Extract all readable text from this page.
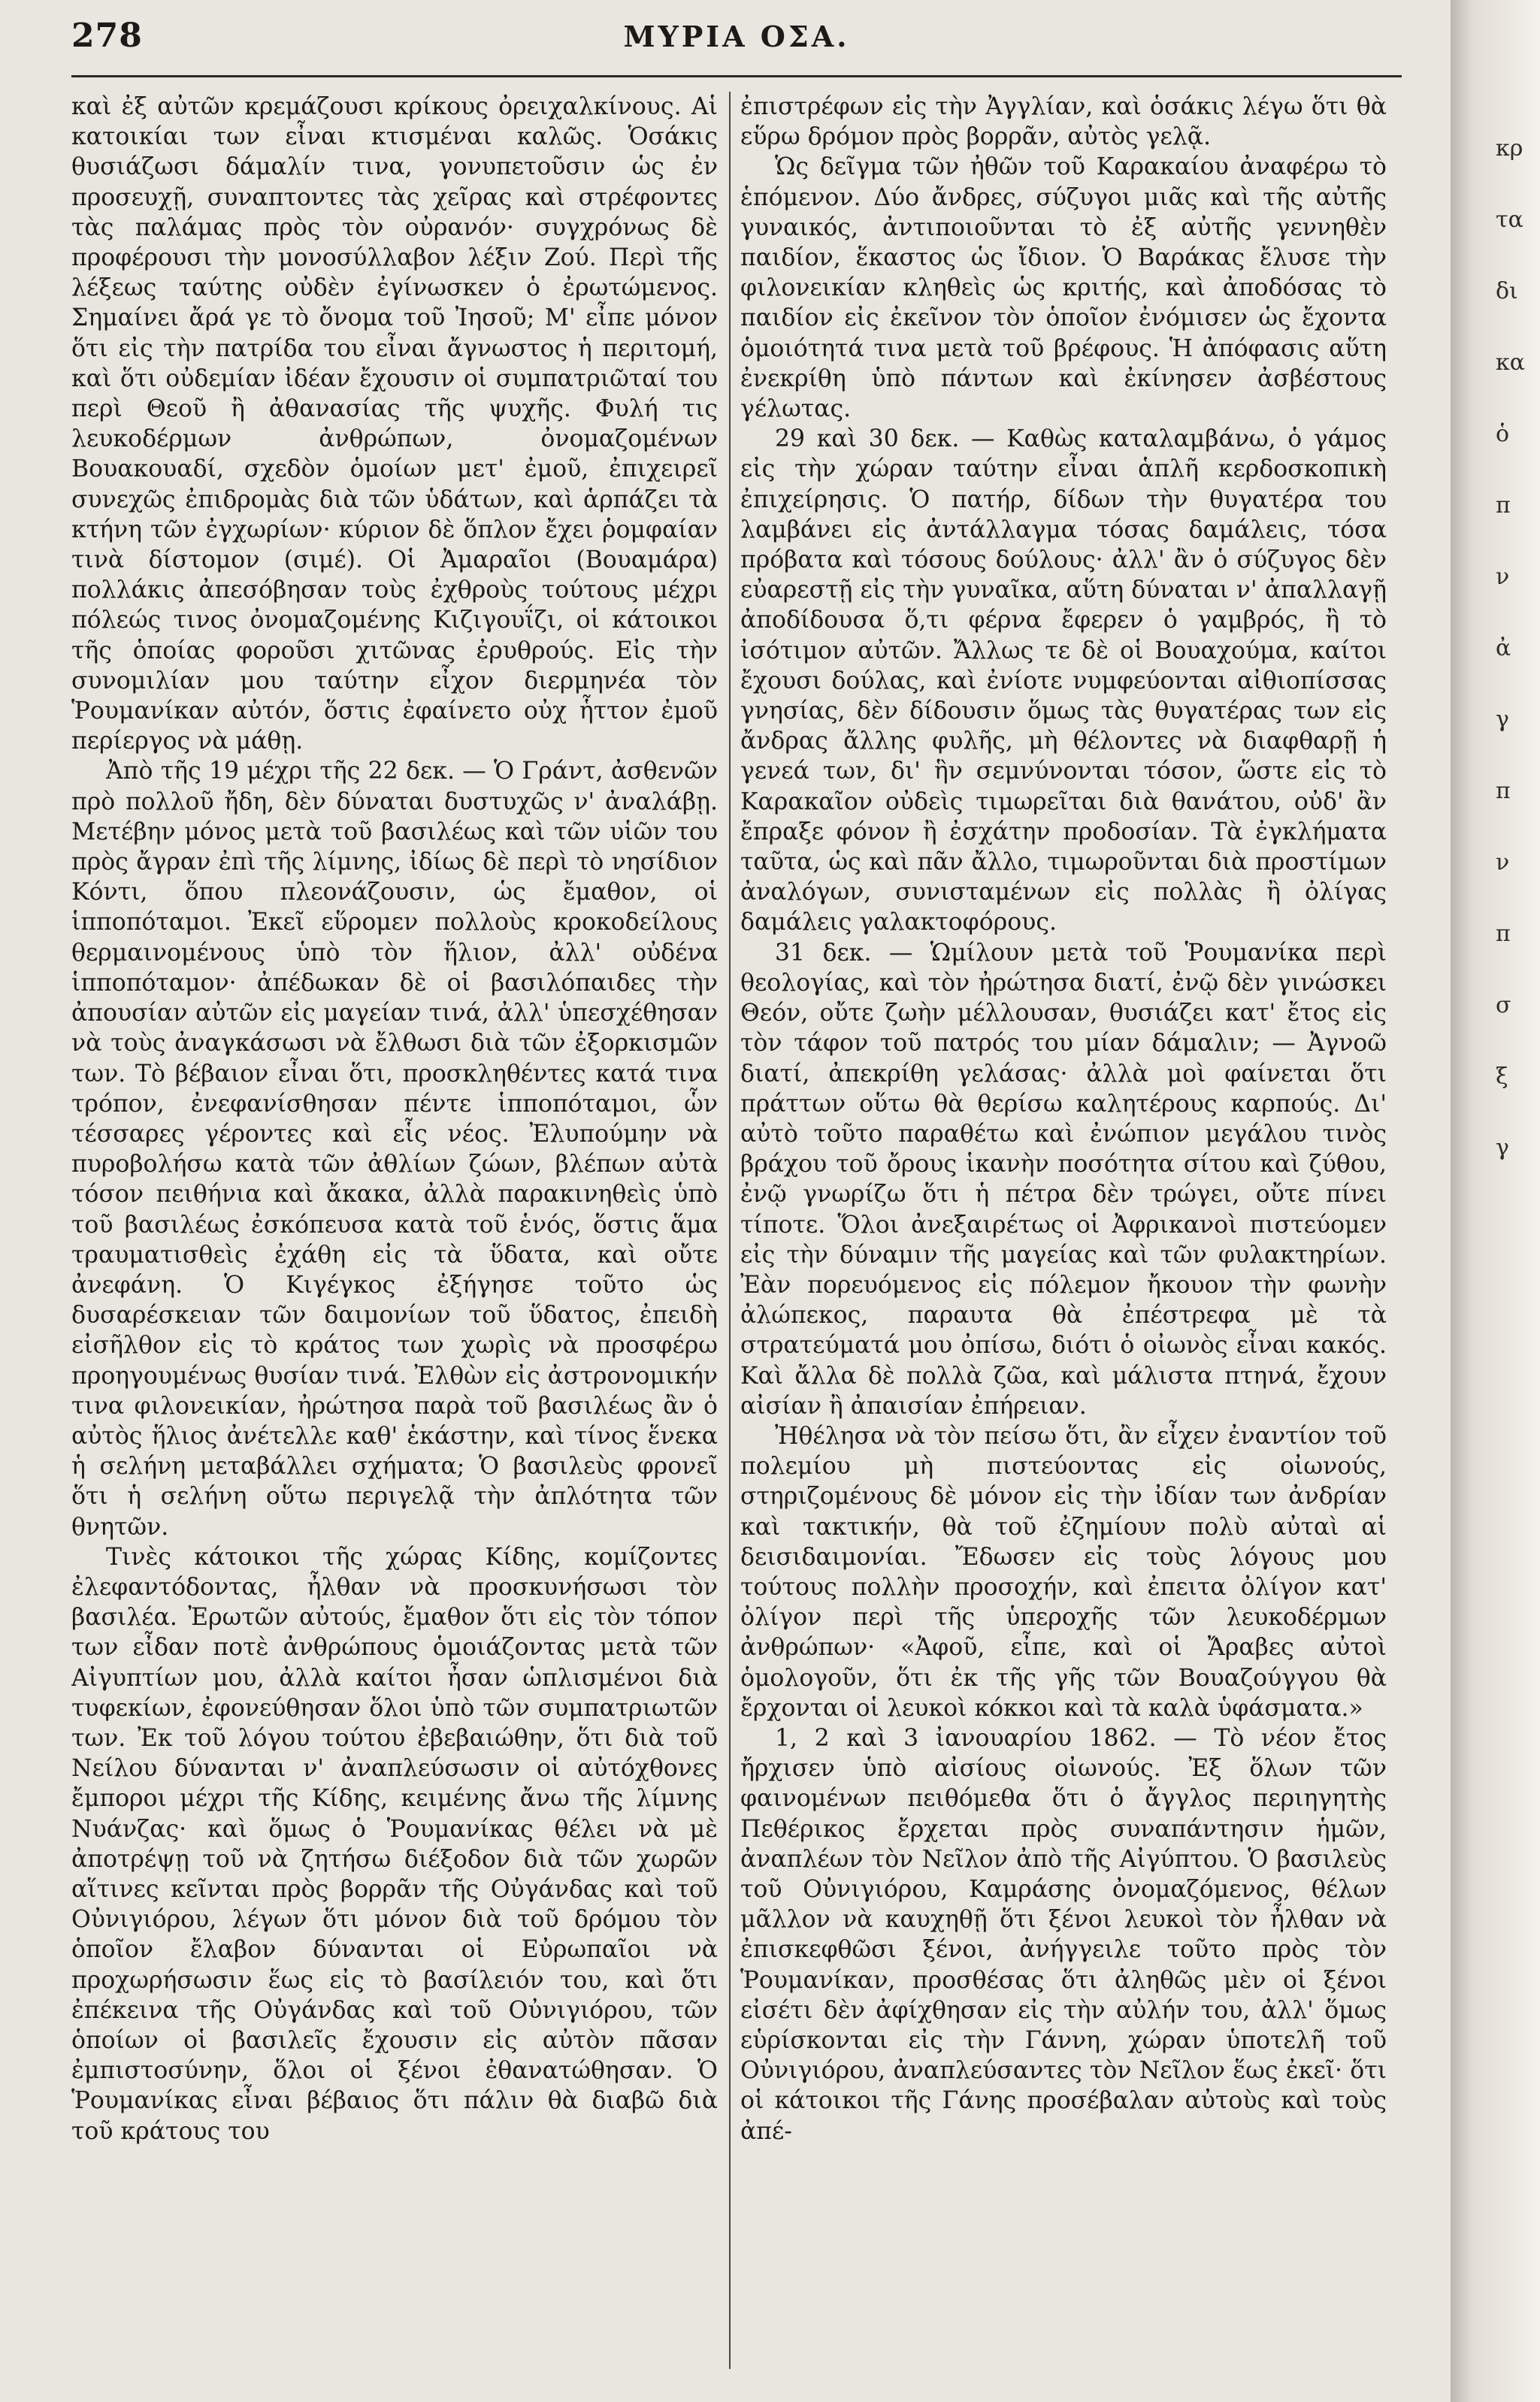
278	ΜΥΡΙΑ ΟΣΑ.

καὶ ἐξ αὐτῶν κρεμάζουσι κρίκους ὀρειχαλκίνους. Αἱ κατοικίαι των εἶναι κτισμέναι καλῶς. Ὁσάκις θυσιάζωσι δάμαλίν τινα, γονυπετοῦσιν ὡς ἐν προσευχῇ, συναπτοντες τὰς χεῖρας καὶ στρέφοντες τὰς παλάμας πρὸς τὸν οὐρανόν· συγχρόνως δὲ προφέρουσι τὴν μονοσύλλαβον λέξιν Ζού. Περὶ τῆς λέξεως ταύτης οὐδὲν ἐγίνωσκεν ὁ ἐρωτώμενος. Σημαίνει ἄρά γε τὸ ὄνομα τοῦ Ἰησοῦ; Μ' εἶπε μόνον ὅτι εἰς τὴν πατρίδα του εἶναι ἄγνωστος ἡ περιτομή, καὶ ὅτι οὐδεμίαν ἰδέαν ἔχουσιν οἱ συμπατριῶταί του περὶ Θεοῦ ἢ ἀθανασίας τῆς ψυχῆς. Φυλή τις λευκοδέρμων ἀνθρώπων, ὀνομαζομένων Βουακουαδί, σχεδὸν ὁμοίων μετ' ἐμοῦ, ἐπιχειρεῖ συνεχῶς ἐπιδρομὰς διὰ τῶν ὑδάτων, καὶ ἁρπάζει τὰ κτήνη τῶν ἐγχωρίων· κύριον δὲ ὅπλον ἔχει ῥομφαίαν τινὰ δίστομον (σιμέ). Οἱ Ἀμαραῖοι (Βουαμάρα) πολλάκις ἀπεσόβησαν τοὺς ἐχθροὺς τούτους μέχρι πόλεώς τινος ὀνομαζομένης Κιζιγουΐζι, οἱ κάτοικοι τῆς ὁποίας φοροῦσι χιτῶνας ἐρυθρούς. Εἰς τὴν συνομιλίαν μου ταύτην εἶχον διερμηνέα τὸν Ῥουμανίκαν αὐτόν, ὅστις ἐφαίνετο οὐχ ἧττον ἐμοῦ περίεργος νὰ μάθῃ.

Ἀπὸ τῆς 19 μέχρι τῆς 22 δεκ. — Ὁ Γράντ, ἀσθενῶν πρὸ πολλοῦ ἤδη, δὲν δύναται δυστυχῶς ν' ἀναλάβῃ. Μετέβην μόνος μετὰ τοῦ βασιλέως καὶ τῶν υἱῶν του πρὸς ἄγραν ἐπὶ τῆς λίμνης, ἰδίως δὲ περὶ τὸ νησίδιον Κόντι, ὅπου πλεονάζουσιν, ὡς ἔμαθον, οἱ ἱπποπόταμοι. Ἐκεῖ εὕρομεν πολλοὺς κροκοδείλους θερμαινομένους ὑπὸ τὸν ἥλιον, ἀλλ' οὐδένα ἱπποπόταμον· ἀπέδωκαν δὲ οἱ βασιλόπαιδες τὴν ἀπουσίαν αὐτῶν εἰς μαγείαν τινά, ἀλλ' ὑπεσχέθησαν νὰ τοὺς ἀναγκάσωσι νὰ ἔλθωσι διὰ τῶν ἐξορκισμῶν των. Τὸ βέβαιον εἶναι ὅτι, προσκληθέντες κατά τινα τρόπον, ἐνεφανίσθησαν πέντε ἱπποπόταμοι, ὧν τέσσαρες γέροντες καὶ εἷς νέος. Ἐλυπούμην νὰ πυροβολήσω κατὰ τῶν ἀθλίων ζώων, βλέπων αὐτὰ τόσον πειθήνια καὶ ἄκακα, ἀλλὰ παρακινηθεὶς ὑπὸ τοῦ βασιλέως ἐσκόπευσα κατὰ τοῦ ἑνός, ὅστις ἅμα τραυματισθεὶς ἐχάθη εἰς τὰ ὕδατα, καὶ οὔτε ἀνεφάνη. Ὁ Κιγέγκος ἐξήγησε τοῦτο ὡς δυσαρέσκειαν τῶν δαιμονίων τοῦ ὕδατος, ἐπειδὴ εἰσῆλθον εἰς τὸ κράτος των χωρὶς νὰ προσφέρω προηγουμένως θυσίαν τινά. Ἐλθὼν εἰς ἀστρονομικήν τινα φιλονεικίαν, ἠρώτησα παρὰ τοῦ βασιλέως ἂν ὁ αὐτὸς ἥλιος ἀνέτελλε καθ' ἑκάστην, καὶ τίνος ἕνεκα ἡ σελήνη μεταβάλλει σχήματα; Ὁ βασιλεὺς φρονεῖ ὅτι ἡ σελήνη οὕτω περιγελᾷ τὴν ἀπλότητα τῶν θνητῶν.

Τινὲς κάτοικοι τῆς χώρας Κίδης, κομίζοντες ἐλεφαντόδοντας, ἦλθαν νὰ προσκυνήσωσι τὸν βασιλέα. Ἐρωτῶν αὐτούς, ἔμαθον ὅτι εἰς τὸν τόπον των εἶδαν ποτὲ ἀνθρώπους ὁμοιάζοντας μετὰ τῶν Αἰγυπτίων μου, ἀλλὰ καίτοι ἦσαν ὡπλισμένοι διὰ τυφεκίων, ἐφονεύθησαν ὅλοι ὑπὸ τῶν συμπατριωτῶν των. Ἐκ τοῦ λόγου τούτου ἐβεβαιώθην, ὅτι διὰ τοῦ Νείλου δύνανται ν' ἀναπλεύσωσιν οἱ αὐτόχθονες ἔμποροι μέχρι τῆς Κίδης, κειμένης ἄνω τῆς λίμνης Νυάνζας· καὶ ὅμως ὁ Ῥουμανίκας θέλει νὰ μὲ ἀποτρέψῃ τοῦ νὰ ζητήσω διέξοδον διὰ τῶν χωρῶν αἵτινες κεῖνται πρὸς βορρᾶν τῆς Οὐγάνδας καὶ τοῦ Οὐνιγιόρου, λέγων ὅτι μόνον διὰ τοῦ δρόμου τὸν ὁποῖον ἔλαβον δύνανται οἱ Εὐρωπαῖοι νὰ προχωρήσωσιν ἕως εἰς τὸ βασίλειόν του, καὶ ὅτι ἐπέκεινα τῆς Οὐγάνδας καὶ τοῦ Οὐνιγιόρου, τῶν ὁποίων οἱ βασιλεῖς ἔχουσιν εἰς αὐτὸν πᾶσαν ἐμπιστοσύνην, ὅλοι οἱ ξένοι ἐθανατώθησαν. Ὁ Ῥουμανίκας εἶναι βέβαιος ὅτι πάλιν θὰ διαβῶ διὰ τοῦ κράτους του

ἐπιστρέφων εἰς τὴν Ἀγγλίαν, καὶ ὁσάκις λέγω ὅτι θὰ εὕρω δρόμον πρὸς βορρᾶν, αὐτὸς γελᾷ.

Ὡς δεῖγμα τῶν ἠθῶν τοῦ Καρακαίου ἀναφέρω τὸ ἑπόμενον. Δύο ἄνδρες, σύζυγοι μιᾶς καὶ τῆς αὐτῆς γυναικός, ἀντιποιοῦνται τὸ ἐξ αὐτῆς γεννηθὲν παιδίον, ἕκαστος ὡς ἴδιον. Ὁ Βαράκας ἔλυσε τὴν φιλονεικίαν κληθεὶς ὡς κριτής, καὶ ἀποδόσας τὸ παιδίον εἰς ἐκεῖνον τὸν ὁποῖον ἐνόμισεν ὡς ἔχοντα ὁμοιότητά τινα μετὰ τοῦ βρέφους. Ἡ ἀπόφασις αὕτη ἐνεκρίθη ὑπὸ πάντων καὶ ἐκίνησεν ἀσβέστους γέλωτας.

29 καὶ 30 δεκ. — Καθὼς καταλαμβάνω, ὁ γάμος εἰς τὴν χώραν ταύτην εἶναι ἁπλῆ κερδοσκοπικὴ ἐπιχείρησις. Ὁ πατήρ, δίδων τὴν θυγατέρα του λαμβάνει εἰς ἀντάλλαγμα τόσας δαμάλεις, τόσα πρόβατα καὶ τόσους δούλους· ἀλλ' ἂν ὁ σύζυγος δὲν εὐαρεστῇ εἰς τὴν γυναῖκα, αὕτη δύναται ν' ἀπαλλαγῇ ἀποδίδουσα ὅ,τι φέρνα ἔφερεν ὁ γαμβρός, ἢ τὸ ἰσότιμον αὐτῶν. Ἄλλως τε δὲ οἱ Βουαχούμα, καίτοι ἔχουσι δούλας, καὶ ἐνίοτε νυμφεύονται αἰθιοπίσσας γνησίας, δὲν δίδουσιν ὅμως τὰς θυγατέρας των εἰς ἄνδρας ἄλλης φυλῆς, μὴ θέλοντες νὰ διαφθαρῇ ἡ γενεά των, δι' ἣν σεμνύνονται τόσον, ὥστε εἰς τὸ Καρακαῖον οὐδεὶς τιμωρεῖται διὰ θανάτου, οὐδ' ἂν ἔπραξε φόνον ἢ ἐσχάτην προδοσίαν. Τὰ ἐγκλήματα ταῦτα, ὡς καὶ πᾶν ἄλλο, τιμωροῦνται διὰ προστίμων ἀναλόγων, συνισταμένων εἰς πολλὰς ἢ ὀλίγας δαμάλεις γαλακτοφόρους.

31 δεκ. — Ὡμίλουν μετὰ τοῦ Ῥουμανίκα περὶ θεολογίας, καὶ τὸν ἠρώτησα διατί, ἐνῷ δὲν γινώσκει Θεόν, οὔτε ζωὴν μέλλουσαν, θυσιάζει κατ' ἔτος εἰς τὸν τάφον τοῦ πατρός του μίαν δάμαλιν; — Ἀγνοῶ διατί, ἀπεκρίθη γελάσας· ἀλλὰ μοὶ φαίνεται ὅτι πράττων οὕτω θὰ θερίσω καλητέρους καρπούς. Δι' αὐτὸ τοῦτο παραθέτω καὶ ἐνώπιον μεγάλου τινὸς βράχου τοῦ ὄρους ἱκανὴν ποσότητα σίτου καὶ ζύθου, ἐνῷ γνωρίζω ὅτι ἡ πέτρα δὲν τρώγει, οὔτε πίνει τίποτε. Ὅλοι ἀνεξαιρέτως οἱ Ἀφρικανοὶ πιστεύομεν εἰς τὴν δύναμιν τῆς μαγείας καὶ τῶν φυλακτηρίων. Ἐὰν πορευόμενος εἰς πόλεμον ἤκουον τὴν φωνὴν ἀλώπεκος, παραυτα θὰ ἐπέστρεφα μὲ τὰ στρατεύματά μου ὀπίσω, διότι ὁ οἰωνὸς εἶναι κακός. Καὶ ἄλλα δὲ πολλὰ ζῶα, καὶ μάλιστα πτηνά, ἔχουν αἰσίαν ἢ ἀπαισίαν ἐπήρειαν.

Ἠθέλησα νὰ τὸν πείσω ὅτι, ἂν εἶχεν ἐναντίον τοῦ πολεμίου μὴ πιστεύοντας εἰς οἰωνούς, στηριζομένους δὲ μόνον εἰς τὴν ἰδίαν των ἀνδρίαν καὶ τακτικήν, θὰ τοῦ ἐζημίουν πολὺ αὐταὶ αἱ δεισιδαιμονίαι. Ἔδωσεν εἰς τοὺς λόγους μου τούτους πολλὴν προσοχήν, καὶ ἐπειτα ὀλίγον κατ' ὀλίγον περὶ τῆς ὑπεροχῆς τῶν λευκοδέρμων ἀνθρώπων· «Ἀφοῦ, εἶπε, καὶ οἱ Ἄραβες αὐτοὶ ὁμολογοῦν, ὅτι ἐκ τῆς γῆς τῶν Βουαζούγγου θὰ ἔρχονται οἱ λευκοὶ κόκκοι καὶ τὰ καλὰ ὑφάσματα.»

1, 2 καὶ 3 ἰανουαρίου 1862. — Τὸ νέον ἔτος ἤρχισεν ὑπὸ αἰσίους οἰωνούς. Ἐξ ὅλων τῶν φαινομένων πειθόμεθα ὅτι ὁ ἄγγλος περιηγητὴς Πεθέρικος ἔρχεται πρὸς συναπάντησιν ἡμῶν, ἀναπλέων τὸν Νεῖλον ἀπὸ τῆς Αἰγύπτου. Ὁ βασιλεὺς τοῦ Οὐνιγιόρου, Καμράσης ὀνομαζόμενος, θέλων μᾶλλον νὰ καυχηθῇ ὅτι ξένοι λευκοὶ τὸν ἦλθαν νὰ ἐπισκεφθῶσι ξένοι, ἀνήγγειλε τοῦτο πρὸς τὸν Ῥουμανίκαν, προσθέσας ὅτι ἀληθῶς μὲν οἱ ξένοι εἰσέτι δὲν ἀφίχθησαν εἰς τὴν αὐλήν του, ἀλλ' ὅμως εὑρίσκονται εἰς τὴν Γάννη, χώραν ὑποτελῆ τοῦ Οὐνιγιόρου, ἀναπλεύσαντες τὸν Νεῖλον ἕως ἐκεῖ· ὅτι οἱ κάτοικοι τῆς Γάνης προσέβαλαν αὐτοὺς καὶ τοὺς ἀπέ-

κρ
τα
δι
κα
ὁ
π
ν
ἀ
γ
π
ν
π
σ
ξ
γ
